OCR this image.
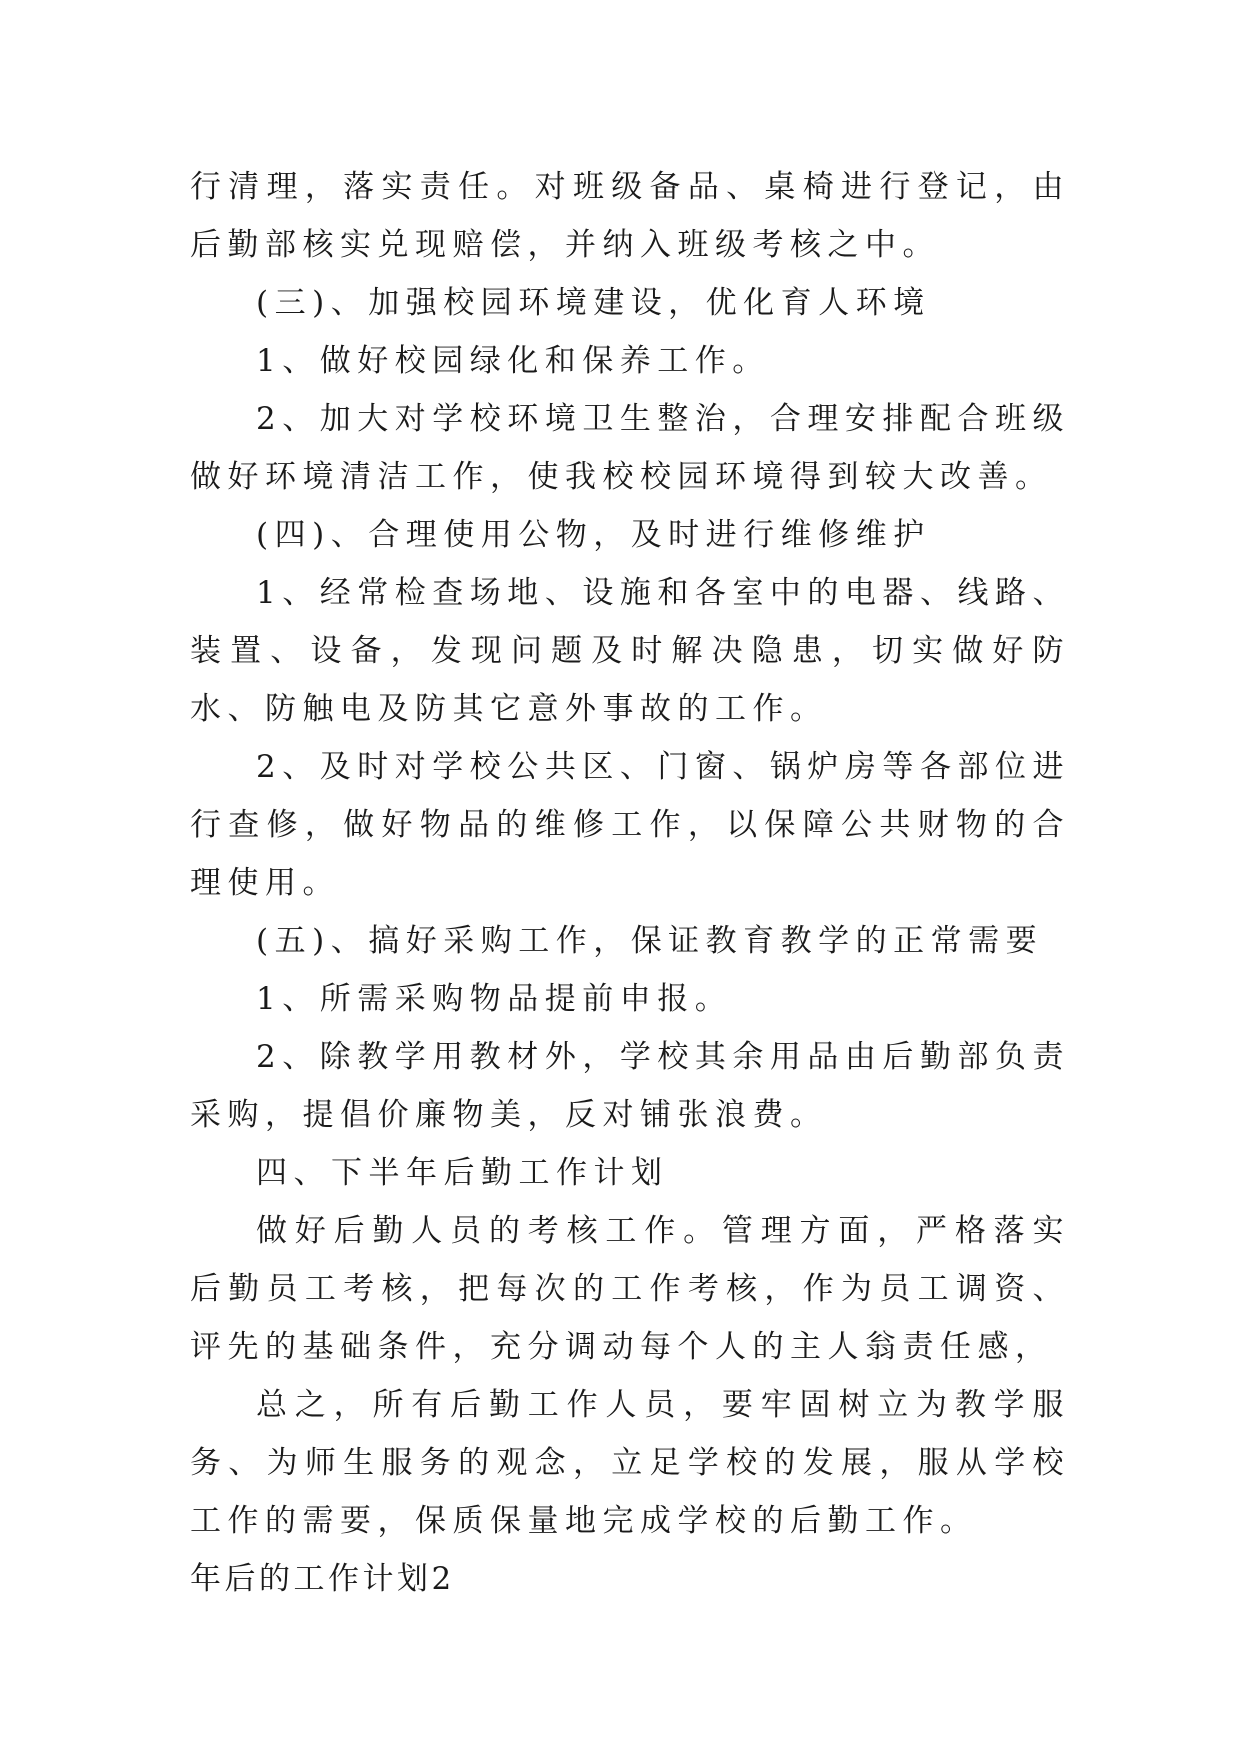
行清理，落实责任。对班级备品、桌椅进行登记，由后勤部核实兑现赔偿，并纳入班级考核之中。

(三)、加强校园环境建设，优化育人环境

1、做好校园绿化和保养工作。

2、加大对学校环境卫生整治，合理安排配合班级做好环境清洁工作，使我校校园环境得到较大改善。

(四)、合理使用公物，及时进行维修维护

1、经常检查场地、设施和各室中的电器、线路、装置、设备，发现问题及时解决隐患，切实做好防水、防触电及防其它意外事故的工作。

2、及时对学校公共区、门窗、锅炉房等各部位进行查修，做好物品的维修工作，以保障公共财物的合理使用。

(五)、搞好采购工作，保证教育教学的正常需要

1、所需采购物品提前申报。

2、除教学用教材外，学校其余用品由后勤部负责采购，提倡价廉物美，反对铺张浪费。

四、下半年后勤工作计划

做好后勤人员的考核工作。管理方面，严格落实后勤员工考核，把每次的工作考核，作为员工调资、评先的基础条件，充分调动每个人的主人翁责任感，

总之，所有后勤工作人员，要牢固树立为教学服务、为师生服务的观念，立足学校的发展，服从学校工作的需要，保质保量地完成学校的后勤工作。

年后的工作计划2
